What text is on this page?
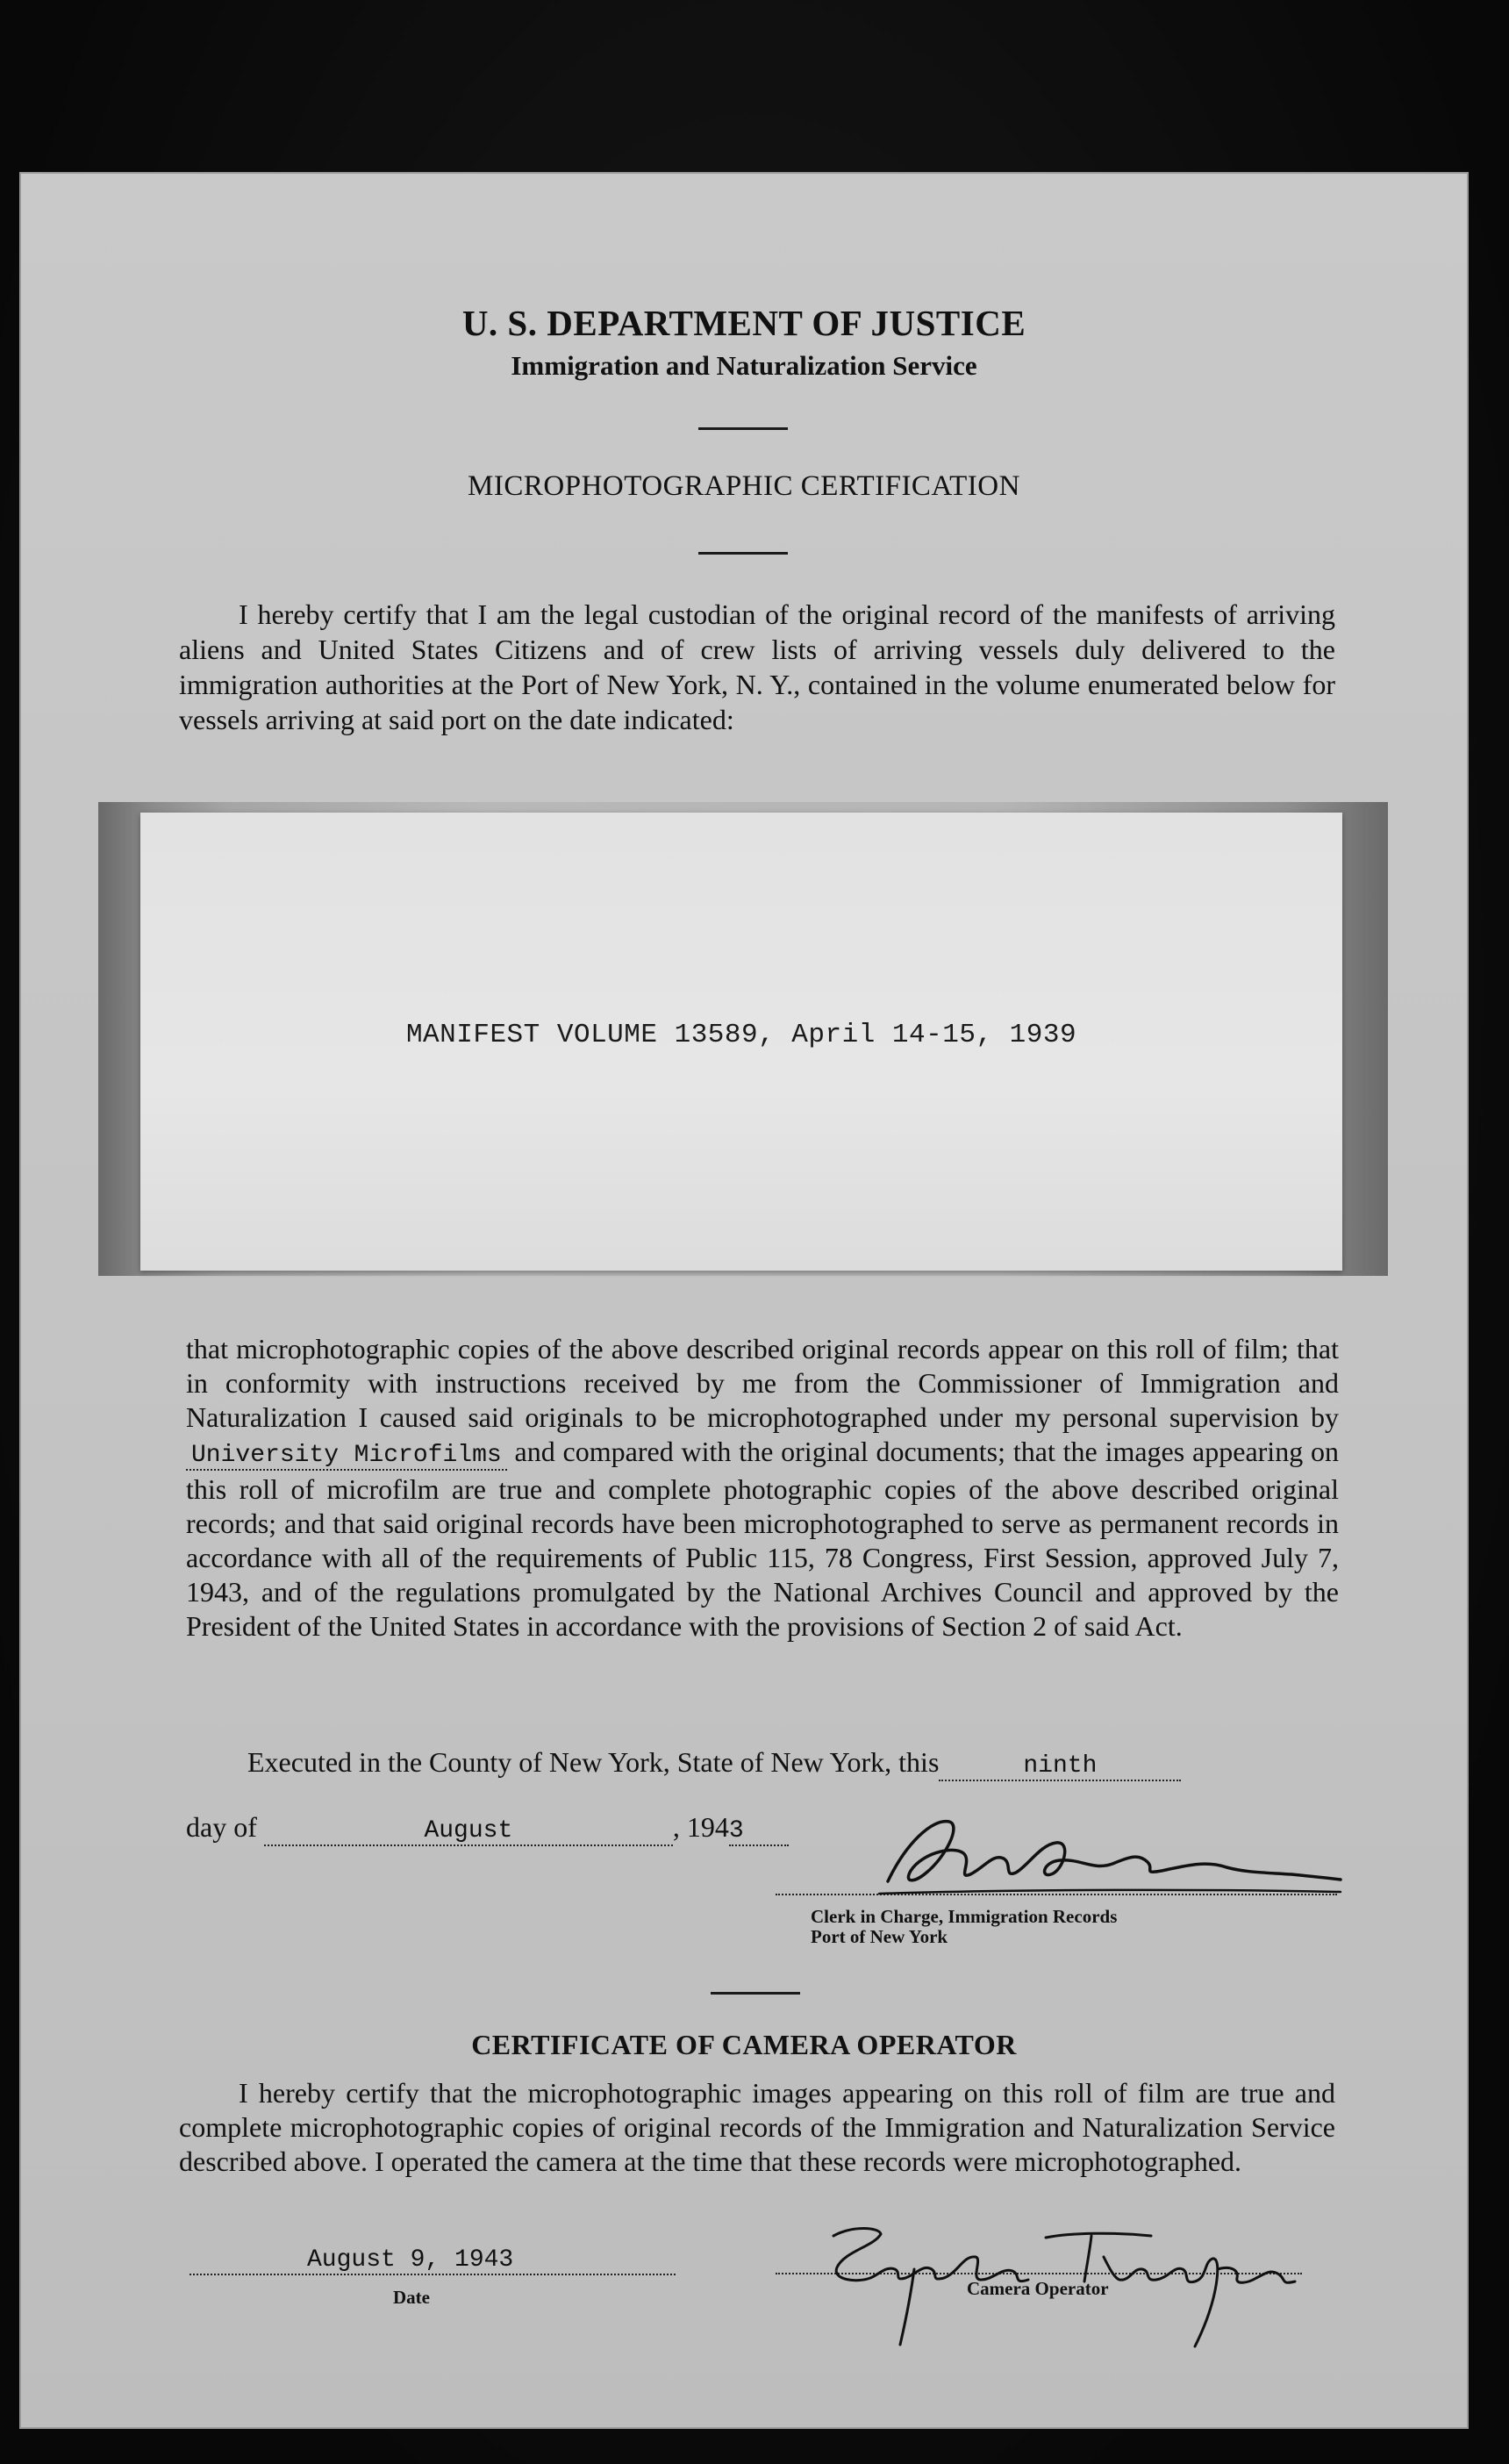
U. S. DEPARTMENT OF JUSTICE
Immigration and Naturalization Service
MICROPHOTOGRAPHIC CERTIFICATION
I hereby certify that I am the legal custodian of the original record of the manifests of arriving aliens and United States Citizens and of crew lists of arriving vessels duly delivered to the immigration authorities at the Port of New York, N. Y., contained in the volume enumerated below for vessels arriving at said port on the date indicated:
MANIFEST VOLUME 13589, April 14-15, 1939
that microphotographic copies of the above described original records appear on this roll of film; that in conformity with instructions received by me from the Commissioner of Immigration and Naturalization I caused said originals to be microphotographed under my personal supervision by University Microfilms and compared with the original documents; that the images appearing on this roll of microfilm are true and complete photographic copies of the above described original records; and that said original records have been microphotographed to serve as permanent records in accordance with all of the requirements of Public 115, 78 Congress, First Session, approved July 7, 1943, and of the regulations promulgated by the National Archives Council and approved by the President of the United States in accordance with the provisions of Section 2 of said Act.
Executed in the County of New York, State of New York, this	ninth
day of	August	, 1943
Clerk in Charge, Immigration Records
Port of New York
CERTIFICATE OF CAMERA OPERATOR
I hereby certify that the microphotographic images appearing on this roll of film are true and complete microphotographic copies of original records of the Immigration and Naturalization Service described above. I operated the camera at the time that these records were microphotographed.
August 9, 1943
Date	Camera Operator
